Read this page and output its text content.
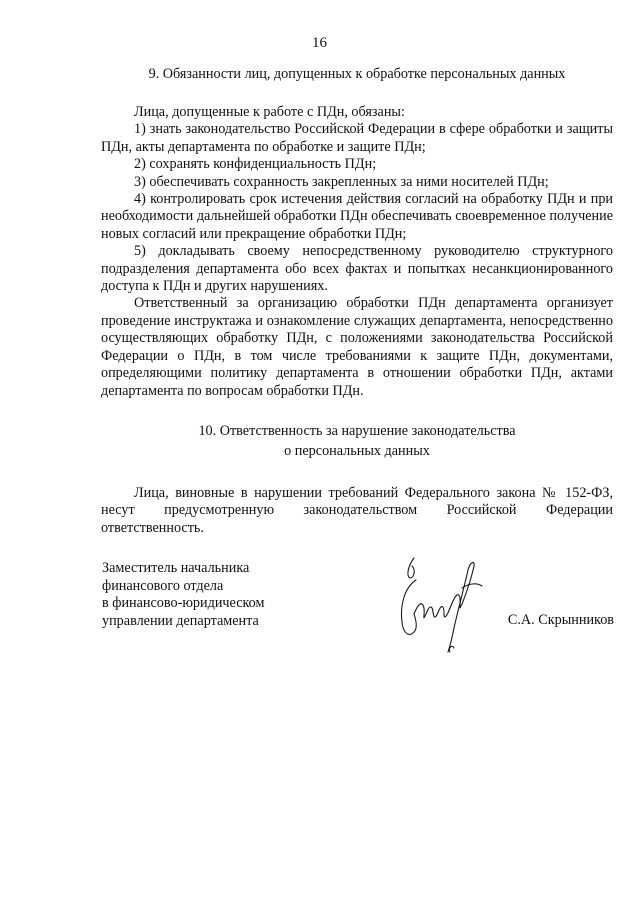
16
9. Обязанности лиц, допущенных к обработке персональных данных

Лица, допущенные к работе с ПДн, обязаны:

1) знать законодательство Российской Федерации в сфере обработки и защиты ПДн, акты департамента по обработке и защите ПДн;

2) сохранять конфиденциальность ПДн;

3) обеспечивать сохранность закрепленных за ними носителей ПДн;

4) контролировать срок истечения действия согласий на обработку ПДн и при необходимости дальнейшей обработки ПДн обеспечивать своевременное получение новых согласий или прекращение обработки ПДн;

5) докладывать своему непосредственному руководителю структурного подразделения департамента обо всех фактах и попытках несанкционированного доступа к ПДн и других нарушениях.

Ответственный за организацию обработки ПДн департамента организует проведение инструктажа и ознакомление служащих департамента, непосредственно осуществляющих обработку ПДн, с положениями законодательства Российской Федерации о ПДн, в том числе требованиями к защите ПДн, документами, определяющими политику департамента в отношении обработки ПДн, актами департамента по вопросам обработки ПДн.

10. Ответственность за нарушение законодательства
о персональных данных

Лица, виновные в нарушении требований Федерального закона № 152-ФЗ, несут предусмотренную законодательством Российской Федерации ответственность.

Заместитель начальника
финансового отдела
в финансово-юридическом
управлении департамента	С.А. Скрынников
